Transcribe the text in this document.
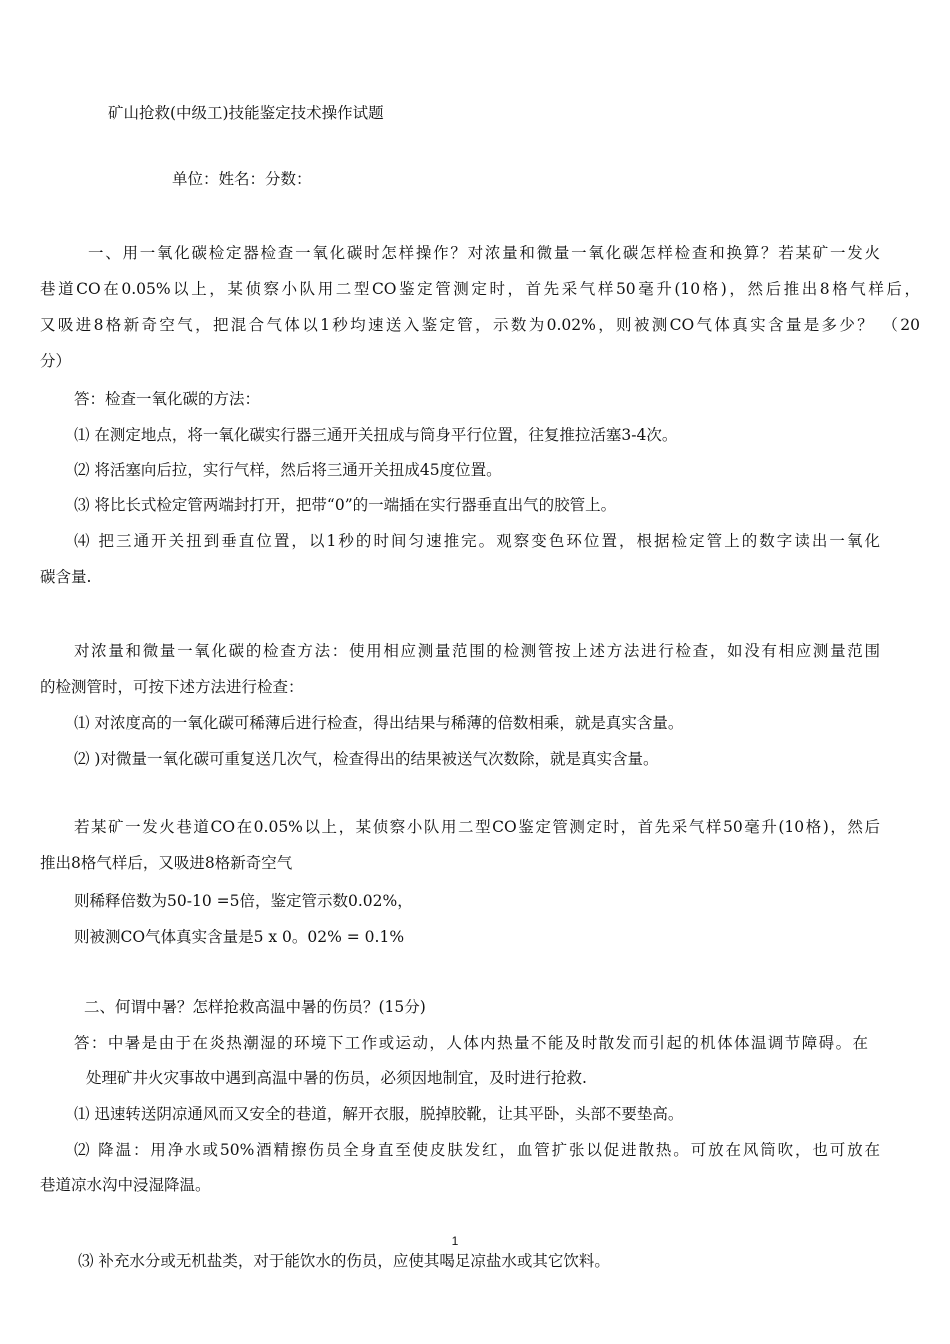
矿山抢救(中级工)技能鉴定技术操作试题
单位：姓名：分数：
一、用一氧化碳检定器检查一氧化碳时怎样操作？对浓量和微量一氧化碳怎样检查和换算？若某矿一发火
巷道CO在0.05%以上，某侦察小队用二型CO鉴定管测定时，首先采气样50毫升(10格)，然后推出8格气样后，
又吸进8格新奇空气，把混合气体以1秒均速送入鉴定管，示数为0.02%，则被测CO气体真实含量是多少？ （20
分）
答：检查一氧化碳的方法：
⑴ 在测定地点，将一氧化碳实行器三通开关扭成与筒身平行位置，往复推拉活塞3-4次。
⑵ 将活塞向后拉，实行气样，然后将三通开关扭成45度位置。
⑶ 将比长式检定管两端封打开，把带“0”的一端插在实行器垂直出气的胶管上。
⑷ 把三通开关扭到垂直位置，以1秒的时间匀速推完。观察变色环位置，根据检定管上的数字读出一氧化
碳含量.
对浓量和微量一氧化碳的检查方法：使用相应测量范围的检测管按上述方法进行检查，如没有相应测量范围
的检测管时，可按下述方法进行检查：
⑴ 对浓度高的一氧化碳可稀薄后进行检查，得出结果与稀薄的倍数相乘，就是真实含量。
⑵ )对微量一氧化碳可重复送几次气，检查得出的结果被送气次数除，就是真实含量。
若某矿一发火巷道CO在0.05%以上，某侦察小队用二型CO鉴定管测定时，首先采气样50毫升(10格)，然后
推出8格气样后，又吸进8格新奇空气
则稀释倍数为50-10 =5倍，鉴定管示数0.02%，
则被测CO气体真实含量是5 x 0。02% = 0.1%
二、何谓中暑？怎样抢救高温中暑的伤员？(15分)
答：中暑是由于在炎热潮湿的环境下工作或运动，人体内热量不能及时散发而引起的机体体温调节障碍。在
处理矿井火灾事故中遇到高温中暑的伤员，必须因地制宜，及时进行抢救.
⑴ 迅速转送阴凉通风而又安全的巷道，解开衣服，脱掉胶靴，让其平卧，头部不要垫高。
⑵ 降温：用净水或50%酒精擦伤员全身直至使皮肤发红，血管扩张以促进散热。可放在风筒吹，也可放在
巷道凉水沟中浸湿降温。
1
⑶ 补充水分或无机盐类，对于能饮水的伤员，应使其喝足凉盐水或其它饮料。
